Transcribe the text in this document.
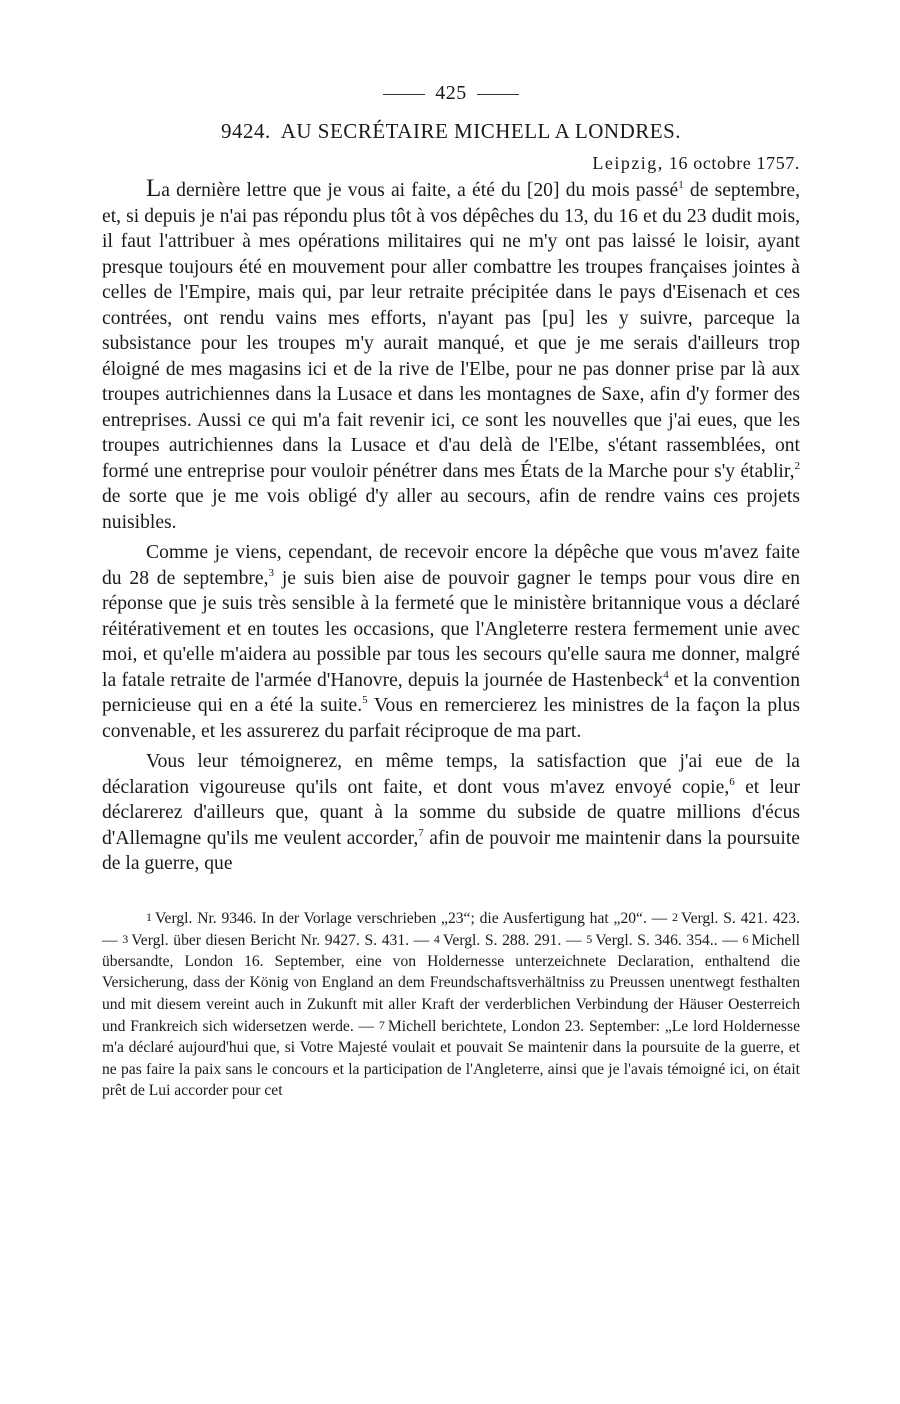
425
9424. AU SECRÉTAIRE MICHELL A LONDRES.
Leipzig, 16 octobre 1757.

La dernière lettre que je vous ai faite, a été du [20] du mois passé$^1$ de septembre, et, si depuis je n'ai pas répondu plus tôt à vos dépêches du 13, du 16 et du 23 dudit mois, il faut l'attribuer à mes opérations militaires qui ne m'y ont pas laissé le loisir, ayant presque toujours été en mouvement pour aller combattre les troupes françaises jointes à celles de l'Empire, mais qui, par leur retraite précipitée dans le pays d'Eisenach et ces contrées, ont rendu vains mes efforts, n'ayant pas [pu] les y suivre, parceque la subsistance pour les troupes m'y aurait manqué, et que je me serais d'ailleurs trop éloigné de mes magasins ici et de la rive de l'Elbe, pour ne pas donner prise par là aux troupes autrichiennes dans la Lusace et dans les montagnes de Saxe, afin d'y former des entreprises. Aussi ce qui m'a fait revenir ici, ce sont les nouvelles que j'ai eues, que les troupes autrichiennes dans la Lusace et d'au delà de l'Elbe, s'étant rassemblées, ont formé une entreprise pour vouloir pénétrer dans mes États de la Marche pour s'y établir,$^2$ de sorte que je me vois obligé d'y aller au secours, afin de rendre vains ces projets nuisibles.

Comme je viens, cependant, de recevoir encore la dépêche que vous m'avez faite du 28 de septembre,$^3$ je suis bien aise de pouvoir gagner le temps pour vous dire en réponse que je suis très sensible à la fermeté que le ministère britannique vous a déclaré réitérativement et en toutes les occasions, que l'Angleterre restera fermement unie avec moi, et qu'elle m'aidera au possible par tous les secours qu'elle saura me donner, malgré la fatale retraite de l'armée d'Hanovre, depuis la journée de Hastenbeck$^4$ et la convention pernicieuse qui en a été la suite.$^5$ Vous en remercierez les ministres de la façon la plus convenable, et les assurerez du parfait réciproque de ma part.

Vous leur témoignerez, en même temps, la satisfaction que j'ai eue de la déclaration vigoureuse qu'ils ont faite, et dont vous m'avez envoyé copie,$^6$ et leur déclarerez d'ailleurs que, quant à la somme du subside de quatre millions d'écus d'Allemagne qu'ils me veulent accorder,$^7$ afin de pouvoir me maintenir dans la poursuite de la guerre, que

1 Vergl. Nr. 9346. In der Vorlage verschrieben „23“; die Ausfertigung hat „20“. — 2 Vergl. S. 421. 423. — 3 Vergl. über diesen Bericht Nr. 9427. S. 431. — 4 Vergl. S. 288. 291. — 5 Vergl. S. 346. 354.. — 6 Michell übersandte, London 16. September, eine von Holdernesse unterzeichnete Declaration, enthaltend die Versicherung, dass der König von England an dem Freundschaftsverhältniss zu Preussen unentwegt festhalten und mit diesem vereint auch in Zukunft mit aller Kraft der verderblichen Verbindung der Häuser Oesterreich und Frankreich sich widersetzen werde. — 7 Michell berichtete, London 23. September: „Le lord Holdernesse m'a déclaré aujourd'hui que, si Votre Majesté voulait et pouvait Se maintenir dans la poursuite de la guerre, et ne pas faire la paix sans le concours et la participation de l'Angleterre, ainsi que je l'avais témoigné ici, on était prêt de Lui accorder pour cet
